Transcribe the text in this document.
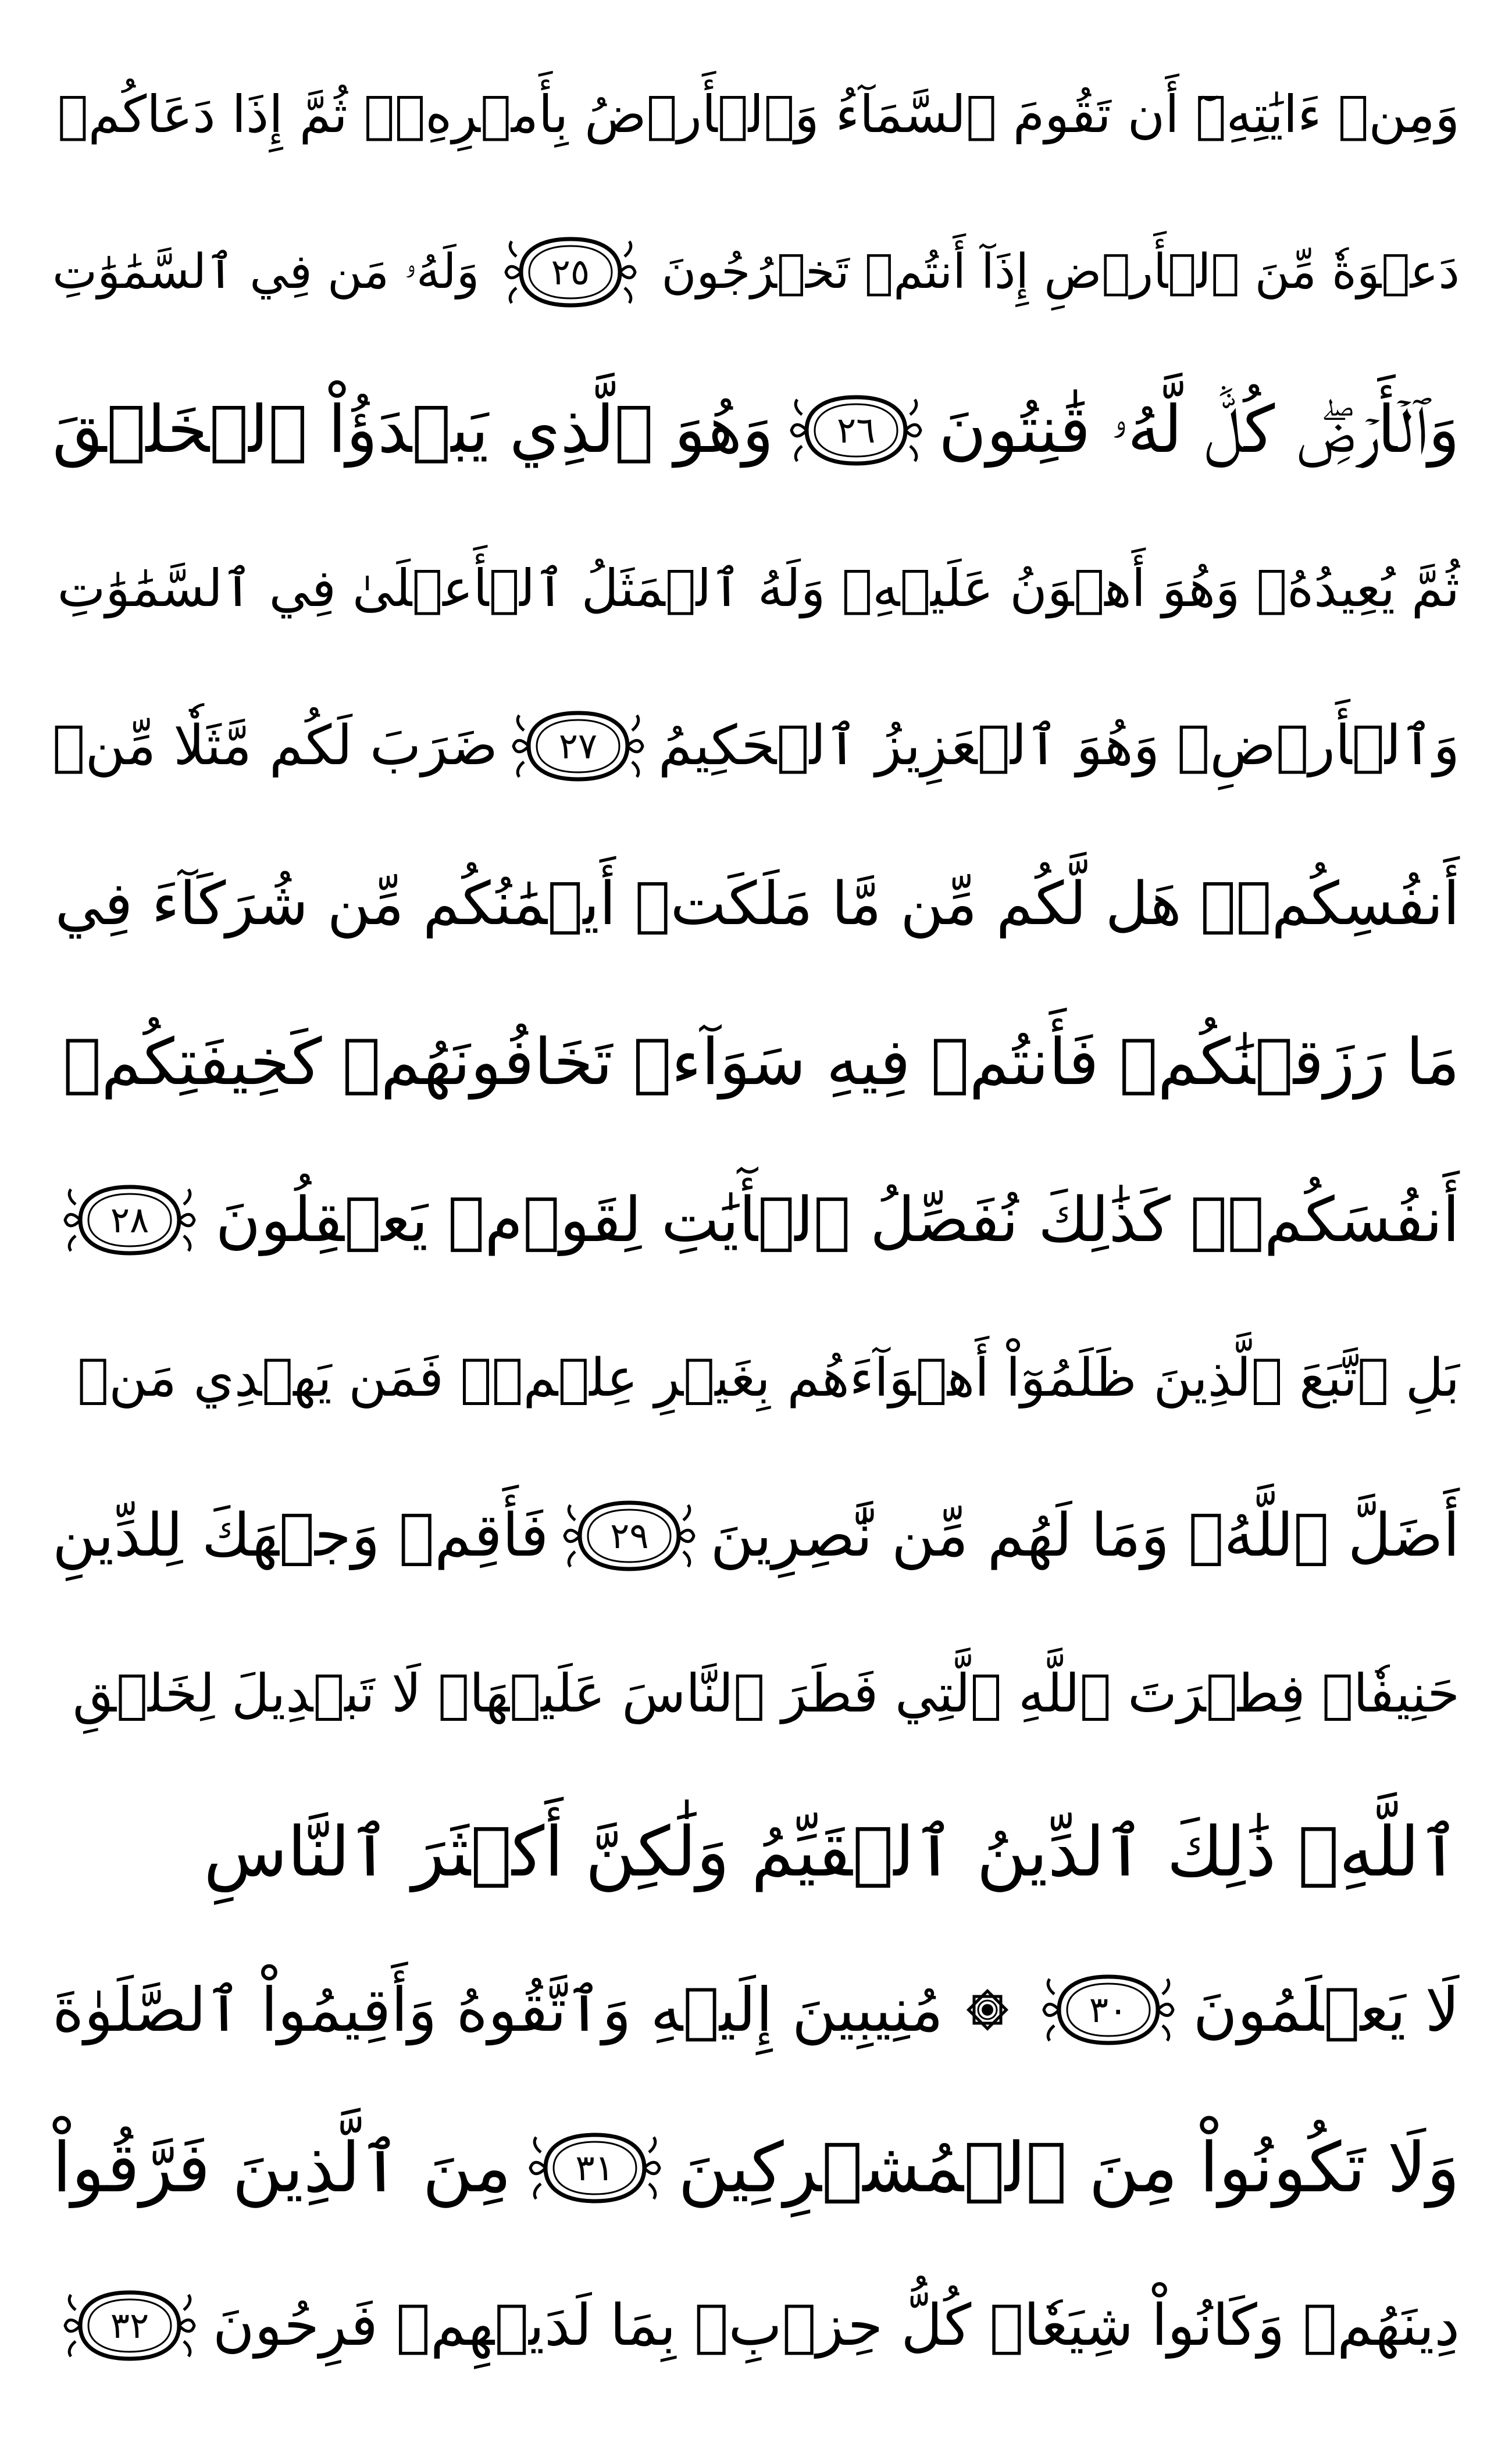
وَمِنۡ ءَايَٰتِهِۦٓ أَن تَقُومَ ٱلسَّمَآءُ وَٱلۡأَرۡضُ بِأَمۡرِهِۦۚ ثُمَّ إِذَا دَعَاكُمۡ
دَعۡوَةٗ مِّنَ ٱلۡأَرۡضِ إِذَآ أَنتُمۡ تَخۡرُجُونَ
٢٥
وَلَهُۥ مَن فِي ٱلسَّمَٰوَٰتِ
وَٱلۡأَرۡضِۖ كُلّٞ لَّهُۥ قَٰنِتُونَ
٢٦
وَهُوَ ٱلَّذِي يَبۡدَؤُاْ ٱلۡخَلۡقَ
ثُمَّ يُعِيدُهُۥ وَهُوَ أَهۡوَنُ عَلَيۡهِۚ وَلَهُ ٱلۡمَثَلُ ٱلۡأَعۡلَىٰ فِي ٱلسَّمَٰوَٰتِ
وَٱلۡأَرۡضِۚ وَهُوَ ٱلۡعَزِيزُ ٱلۡحَكِيمُ
٢٧
ضَرَبَ لَكُم مَّثَلٗا مِّنۡ
أَنفُسِكُمۡۖ هَل لَّكُم مِّن مَّا مَلَكَتۡ أَيۡمَٰنُكُم مِّن شُرَكَآءَ فِي
مَا رَزَقۡنَٰكُمۡ فَأَنتُمۡ فِيهِ سَوَآءٞ تَخَافُونَهُمۡ كَخِيفَتِكُمۡ
أَنفُسَكُمۡۚ كَذَٰلِكَ نُفَصِّلُ ٱلۡأٓيَٰتِ لِقَوۡمٖ يَعۡقِلُونَ
٢٨
بَلِ ٱتَّبَعَ ٱلَّذِينَ ظَلَمُوٓاْ أَهۡوَآءَهُم بِغَيۡرِ عِلۡمٖۖ فَمَن يَهۡدِي مَنۡ
أَضَلَّ ٱللَّهُۖ وَمَا لَهُم مِّن نَّٰصِرِينَ
٢٩
فَأَقِمۡ وَجۡهَكَ لِلدِّينِ
حَنِيفٗاۚ فِطۡرَتَ ٱللَّهِ ٱلَّتِي فَطَرَ ٱلنَّاسَ عَلَيۡهَاۚ لَا تَبۡدِيلَ لِخَلۡقِ
ٱللَّهِۚ ذَٰلِكَ ٱلدِّينُ ٱلۡقَيِّمُ وَلَٰكِنَّ أَكۡثَرَ ٱلنَّاسِ
لَا يَعۡلَمُونَ
٣٠
مُنِيبِينَ إِلَيۡهِ وَٱتَّقُوهُ وَأَقِيمُواْ ٱلصَّلَوٰةَ
وَلَا تَكُونُواْ مِنَ ٱلۡمُشۡرِكِينَ
٣١
مِنَ ٱلَّذِينَ فَرَّقُواْ
دِينَهُمۡ وَكَانُواْ شِيَعٗاۖ كُلُّ حِزۡبِۭ بِمَا لَدَيۡهِمۡ فَرِحُونَ
٣٢
